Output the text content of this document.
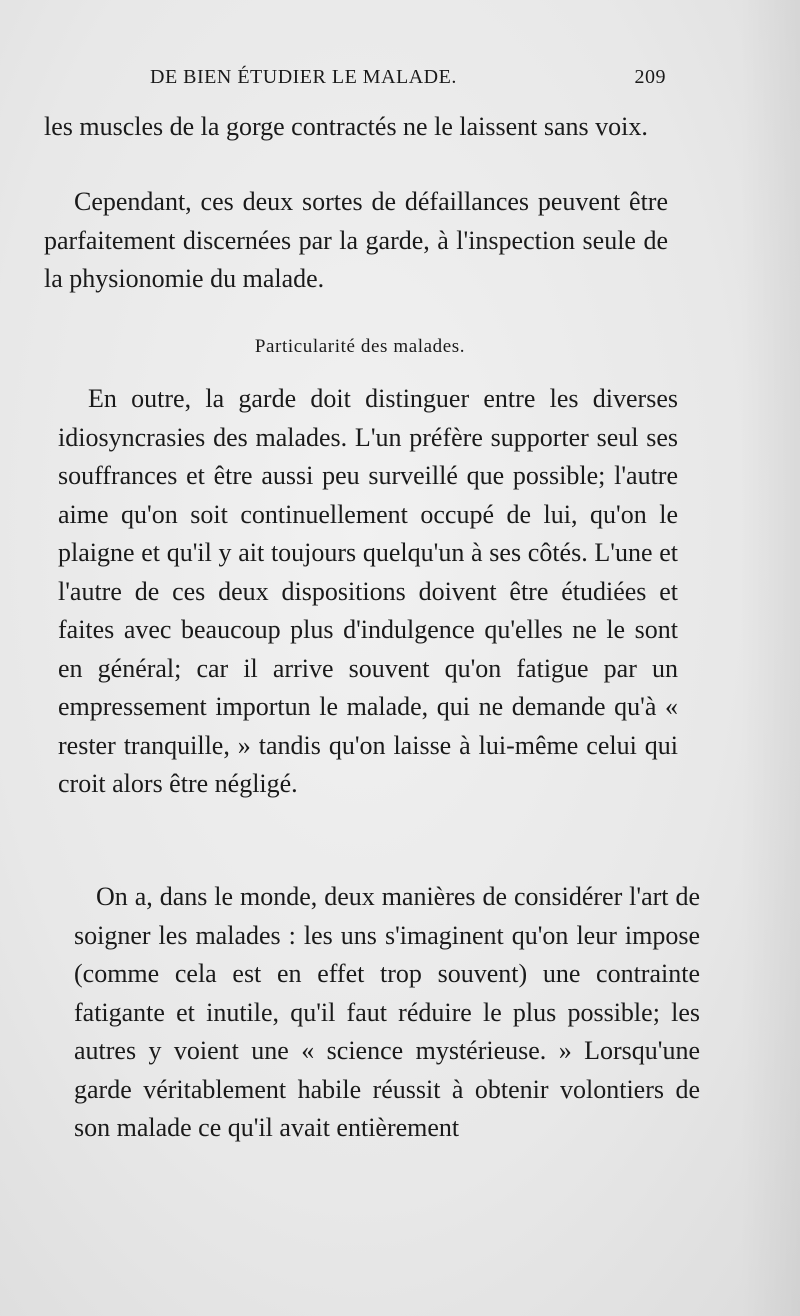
DE BIEN ÉTUDIER LE MALADE.	209

les muscles de la gorge contractés ne le laissent sans voix.

Cependant, ces deux sortes de défaillances peuvent être parfaitement discernées par la garde, à l'inspection seule de la physionomie du malade.

Particularité des malades.

En outre, la garde doit distinguer entre les diverses idiosyncrasies des malades. L'un préfère supporter seul ses souffrances et être aussi peu surveillé que possible; l'autre aime qu'on soit continuellement occupé de lui, qu'on le plaigne et qu'il y ait toujours quelqu'un à ses côtés. L'une et l'autre de ces deux dispositions doivent être étudiées et faites avec beaucoup plus d'indulgence qu'elles ne le sont en général; car il arrive souvent qu'on fatigue par un empressement importun le malade, qui ne demande qu'à « rester tranquille, » tandis qu'on laisse à lui-même celui qui croit alors être négligé.

On a, dans le monde, deux manières de considérer l'art de soigner les malades : les uns s'imaginent qu'on leur impose (comme cela est en effet trop souvent) une contrainte fatigante et inutile, qu'il faut réduire le plus possible; les autres y voient une « science mystérieuse. » Lorsqu'une garde véritablement habile réussit à obtenir volontiers de son malade ce qu'il avait entièrement
